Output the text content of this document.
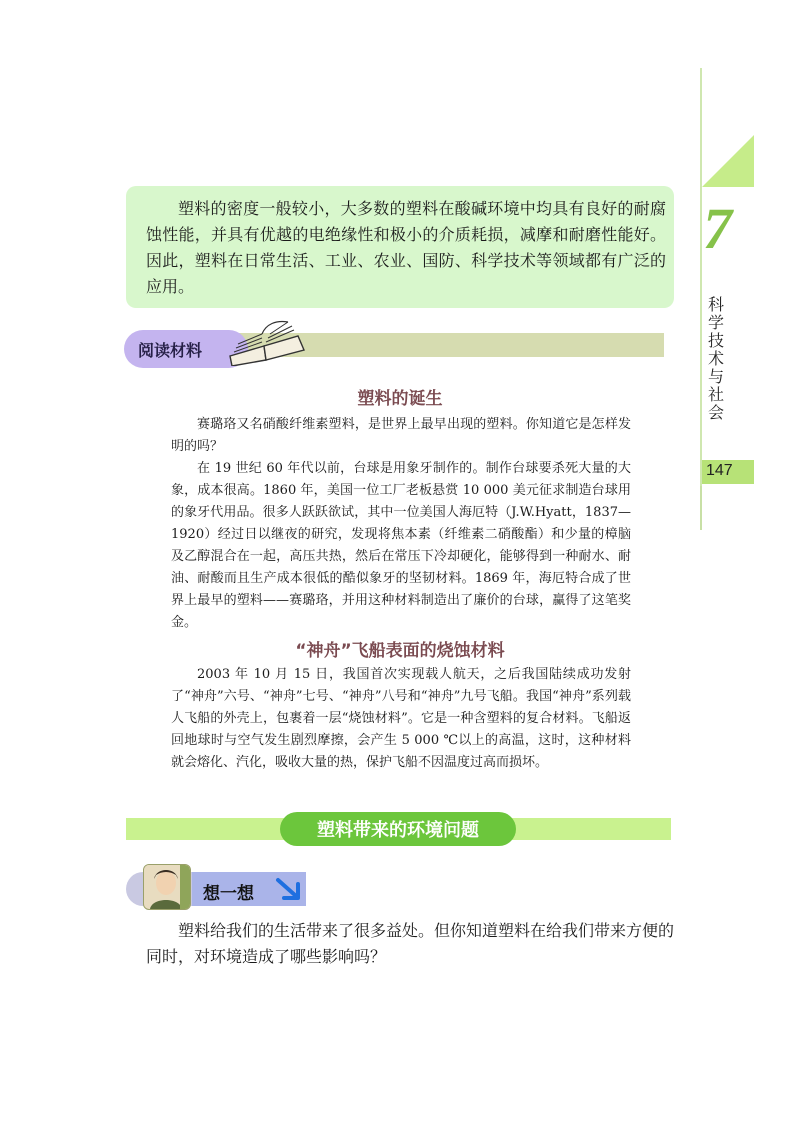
7
科学技术与社会
147
塑料的密度一般较小，大多数的塑料在酸碱环境中均具有良好的耐腐蚀性能，并具有优越的电绝缘性和极小的介质耗损，减摩和耐磨性能好。因此，塑料在日常生活、工业、农业、国防、科学技术等领域都有广泛的应用。
阅读材料
塑料的诞生

赛璐珞又名硝酸纤维素塑料，是世界上最早出现的塑料。你知道它是怎样发明的吗？

在 19 世纪 60 年代以前，台球是用象牙制作的。制作台球要杀死大量的大象，成本很高。1860 年，美国一位工厂老板悬赏 10 000 美元征求制造台球用的象牙代用品。很多人跃跃欲试，其中一位美国人海厄特（J.W.Hyatt，1837—1920）经过日以继夜的研究，发现将焦本素（纤维素二硝酸酯）和少量的樟脑及乙醇混合在一起，高压共热，然后在常压下冷却硬化，能够得到一种耐水、耐油、耐酸而且生产成本很低的酷似象牙的坚韧材料。1869 年，海厄特合成了世界上最早的塑料——赛璐珞，并用这种材料制造出了廉价的台球，赢得了这笔奖金。

“神舟”飞船表面的烧蚀材料

2003 年 10 月 15 日，我国首次实现载人航天，之后我国陆续成功发射了“神舟”六号、“神舟”七号、“神舟”八号和“神舟”九号飞船。我国“神舟”系列载人飞船的外壳上，包裹着一层“烧蚀材料”。它是一种含塑料的复合材料。飞船返回地球时与空气发生剧烈摩擦，会产生 5 000 ℃以上的高温，这时，这种材料就会熔化、汽化，吸收大量的热，保护飞船不因温度过高而损坏。

塑料带来的环境问题
想一想
塑料给我们的生活带来了很多益处。但你知道塑料在给我们带来方便的同时，对环境造成了哪些影响吗？
